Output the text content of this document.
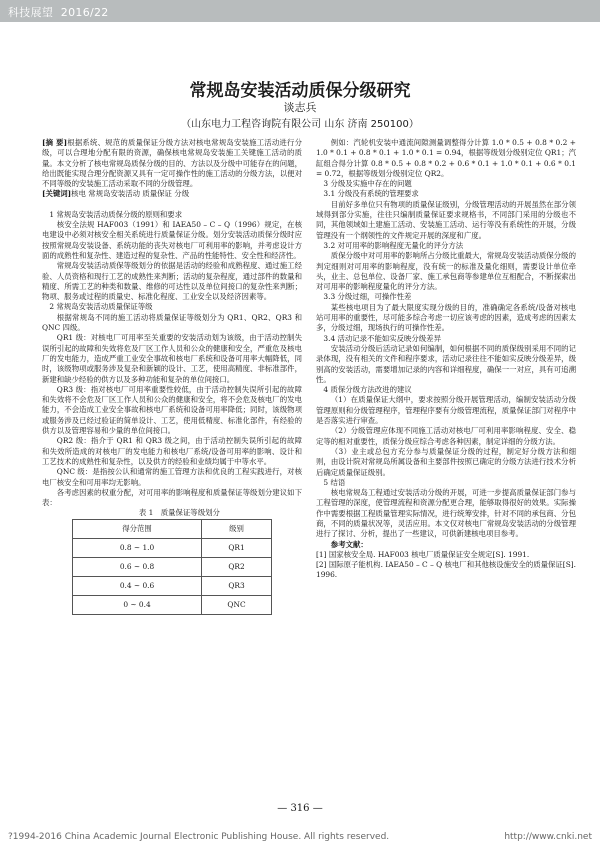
科技展望 2016/22
常规岛安装活动质保分级研究
谈志兵
（山东电力工程咨询院有限公司 山东 济南 250100）

[摘 要]根据系统、规范的质量保证分级方法对核电常规岛安装施工活动进行分级，可以合理地分配有限的资源，确保核电常规岛安装施工关键施工活动的质量。本文分析了核电常规岛质保分级的目的、方法以及分级中可能存在的问题，给出既能实现合理分配资源又具有一定可操作性的施工活动的分级方法，以便对不同等级的安装施工活动采取不同的分级管理。

[关键词]核电 常规岛安装活动 质量保证 分级

1 常规岛安装活动质保分级的原则和要求

核安全法规 HAF003（1991）和 IAEA50 – C – Q（1996）规定，在核电建设中必须对核安全相关系统进行质量保证分级。划分安装活动质保分级时应按照常规岛安装设备、系统功能的丧失对核电厂可利用率的影响，并考虑设计方面的成熟性和复杂性、建造过程的复杂性、产品的性能特性、安全性和经济性。

常规岛安装活动质保等级划分的依据是活动的经验和成熟程度、通过施工经验、人员资格和现行工艺的成熟性来判断；活动的复杂程度，通过部件的数量和精度、所需工艺的种类和数量、维修的可达性以及单位间接口的复杂性来判断；物项、服务或过程的质量史、标准化程度、工业安全以及经济因素等。

2 常规岛安装活动质量保证等级

根据常规岛不同的施工活动将质量保证等级划分为 QR1、QR2、QR3 和 QNC 四级。

QR1 级：对核电厂可用率至关重要的安装活动划为该级，由于活动控制失误所引起的故障和失效将危及厂区工作人员和公众的健康和安全，严重危及核电厂的发电能力，造成严重工业安全事故和核电厂系统和设备可用率大幅降低，同时，该级物项或服务涉及复杂和新颖的设计、工艺，使用高精度、非标准部件，新建和缺少经验的供方以及多种功能和复杂的单位间接口。

QR3 级：指对核电厂可用率重要性较低，由于活动控制失误所引起的故障和失效将不会危及厂区工作人员和公众的健康和安全，将不会危及核电厂的发电能力，不会造成工业安全事故和核电厂系统和设备可用率降低；同时，该级物项或服务涉及已经过验证的简单设计、工艺，使用低精度、标准化部件，有经验的供方以及管理容易和少量的单位间接口。

QR2 级：指介于 QR1 和 QR3 级之间，由于活动控制失误所引起的故障和失效所造成的对核电厂的发电能力和核电厂系统/设备可用率的影响、设计和工艺技术的成熟性和复杂性，以及供方的经验和业绩均属于中等水平。

QNC 级：是指按公认和通常的施工管理方法和优良的工程实践进行，对核电厂核安全和可用率均无影响。

各考虑因素的权重分配，对可用率的影响程度和质量保证等级划分建议如下表：

表 1　质量保证等级划分

得分范围	级别
0.8 ~ 1.0	QR1
0.6 ~ 0.8	QR2
0.4 ~ 0.6	QR3
0 ~ 0.4	QNC

例如：汽轮机安装中通流间隙测量调整得分计算 1.0 * 0.5 + 0.8 * 0.2 + 1.0 * 0.1 + 0.8 * 0.1 + 1.0 * 0.1 = 0.94，根据等级划分级别定位 QR1；汽缸组合得分计算 0.8 * 0.5 + 0.8 * 0.2 + 0.6 * 0.1 + 1.0 * 0.1 + 0.6 * 0.1 = 0.72，根据等级划分级别定位 QR2。

3 分级及实施中存在的问题

3.1 分级没有系统的管理要求

目前好多单位只有物项的质量保证级别，分级管理活动的开展虽然在部分领域得到部分实施，往往只编制质量保证要求规格书，不同部门采用的分级也不同，其他领域如土建施工活动、安装施工活动、运行等没有系统性的开展，分级管理没有一个纲领性的文件规定开展的深度和广度。

3.2 对可用率的影响程度无量化的评分方法

质保分级中对可用率的影响所占分级比重最大，常规岛安装活动质保分级的判定细则对可用率的影响程度，没有统一的标准及量化细则，需要设计单位牵头，业主、总包单位、设备厂家、施工承包商等参建单位互相配合，不断探索出对可用率的影响程度量化的评分方法。

3.3 分级过细，可操作性差

某些核电项目为了最大限度实现分级的目的，准确确定各系统/设备对核电站可用率的重要性，尽可能多综合考虑一切应该考虑的因素，造成考虑的因素太多，分级过细，现场执行的可操作性差。

3.4 活动记录不能如实反映分级差异

安装活动分级后活动记录如何编制，如何根据不同的质保级别采用不同的记录体现，没有相关的文件和程序要求，活动记录往往不能如实反映分级差异，级别高的安装活动，需要增加记录的内容和详细程度，确保一一对应，具有可追溯性。

4 质保分级方法改进的建议

（1）在质量保证大纲中，要求按照分级开展管理活动，编制安装活动分级管理原则和分级管理程序，管理程序要有分级管理流程，质量保证部门对程序中是否落实进行审查。

（2）分级管理应体现不同施工活动对核电厂可利用率影响程度、安全、稳定等的相对重要性，质保分级应综合考虑各种因素，制定详细的分级方法。

（3）业主或总包方充分参与质量保证分级的过程，制定好分级方法和细则，由设计院对常规岛所属设备和主要部件按照已确定的分级方法进行技术分析后确定质量保证级别。

5 结语

核电常规岛工程通过安装活动分级的开展，可进一步提高质量保证部门参与工程管理的深度，使管理流程和资源分配更合理，能够取得很好的效果。实际操作中需要根据工程质量管理实际情况，进行统筹安排，针对不同的承包商、分包商，不同的质量状况等，灵活应用。本文仅对核电厂常规岛安装活动的分级管理进行了探讨、分析，提出了一些建议，可供新建核电项目参考。

参考文献：

[1] 国家核安全局. HAF003 核电厂质量保证安全规定[S]. 1991.

[2] 国际原子能机构. IAEA50 – C – Q 核电厂和其他核设施安全的质量保证[S]. 1996.

— 316 —
?1994-2016 China Academic Journal Electronic Publishing House. All rights reserved.	http://www.cnki.net
